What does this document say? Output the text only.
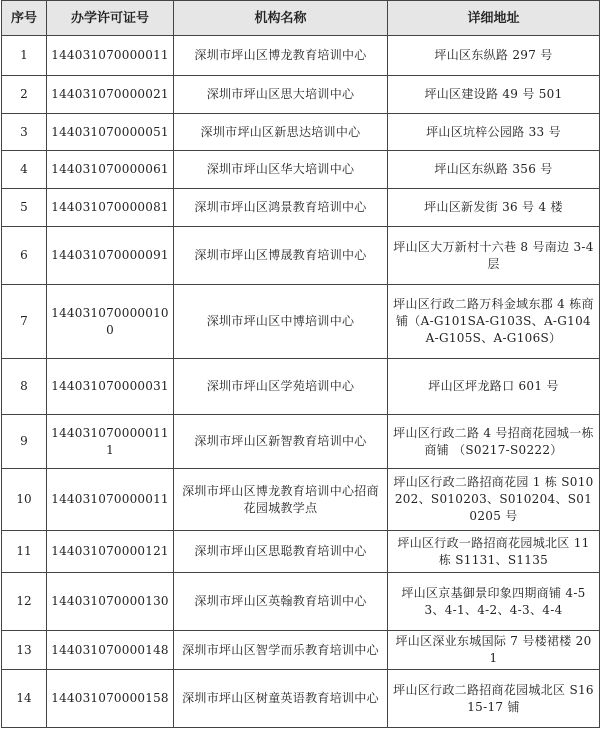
序号	办学许可证号	机构名称	详细地址
1	144031070000011	深圳市坪山区博龙教育培训中心	坪山区东纵路 297 号
2	144031070000021	深圳市坪山区思大培训中心	坪山区建设路 49 号 501
3	144031070000051	深圳市坪山区新思达培训中心	坪山区坑梓公园路 33 号
4	144031070000061	深圳市坪山区华大培训中心	坪山区东纵路 356 号
5	144031070000081	深圳市坪山区鸿景教育培训中心	坪山区新发街 36 号 4 楼
6	144031070000091	深圳市坪山区博晟教育培训中心	坪山区大万新村十六巷 8 号南边 3-4 层
7	1440310700000100	深圳市坪山区中博培训中心	坪山区行政二路万科金域东郡 4 栋商铺（A-G101SA-G103S、A-G104A-G105S、A-G106S）
8	144031070000031	深圳市坪山区学苑培训中心	坪山区坪龙路口 601 号
9	1440310700000111	深圳市坪山区新智教育培训中心	坪山区行政二路 4 号招商花园城一栋商铺 （S0217-S0222）
10	144031070000011	深圳市坪山区博龙教育培训中心招商花园城教学点	坪山区行政二路招商花园 1 栋 S010202、S010203、S010204、S010205 号
11	144031070000121	深圳市坪山区思聪教育培训中心	坪山区行政一路招商花园城北区 11 栋 S1131、S1135
12	144031070000130	深圳市坪山区英翰教育培训中心	坪山区京基御景印象四期商铺 4-53、4-1、4-2、4-3、4-4
13	144031070000148	深圳市坪山区智学而乐教育培训中心	坪山区深业东城国际 7 号楼裙楼 201
14	144031070000158	深圳市坪山区树童英语教育培训中心	坪山区行政二路招商花园城北区 S1615-17 铺
